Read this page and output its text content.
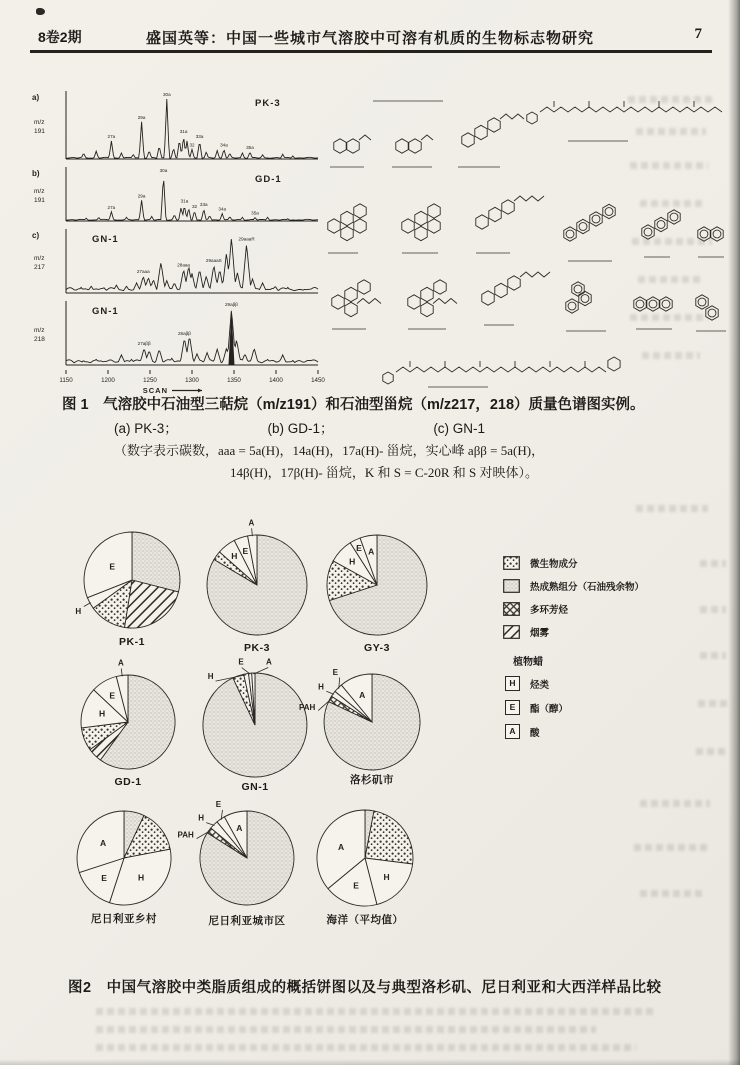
8卷2期	盛国英等：中国一些城市气溶胶中可溶有机质的生物标志物研究	7
a)
m/z
191
PK-3
27a
29a
30a
31a
32
33a
34a	35a
b)
m/z
191
GD-1
27a
29a
30a
31a
32 33a
34a
35a
c)
m/z
217
GN-1
27aaa
28aaa
29aaaS
29aaaR
m/z
218
GN-1
27aββ
28aββ
29aββ
1150	1200	1250	1300	1350	1400	1450
SCAN
图 1　气溶胶中石油型三萜烷（m/z191）和石油型甾烷（m/z217，218）质量色谱图实例。
(a) PK-3；	(b) GD-1；	(c) GN-1
（数字表示碳数，aaa = 5a(H)，14a(H)，17a(H)- 甾烷，实心峰 aββ = 5a(H)，
14β(H)，17β(H)- 甾烷，K 和 S = C-20R 和 S 对映体）。
H
E
PK-1
H E
A
PK-3
H
E A
GY-3
H
E
A
GD-1
H
E	A
GN-1
PAH
H
E
A
洛杉矶市
H
E
A
尼日利亚乡村
PAH
H
E
A
尼日利亚城市区
H
E
A
海洋（平均值）
微生物成分
热成熟组分（石油残余物）
多环芳烃
烟雾
植物蜡
H	烃类
E	酯（醇）
A	酸
图2　中国气溶胶中类脂质组成的概括饼图以及与典型洛杉矶、尼日利亚和大西洋样品比较
